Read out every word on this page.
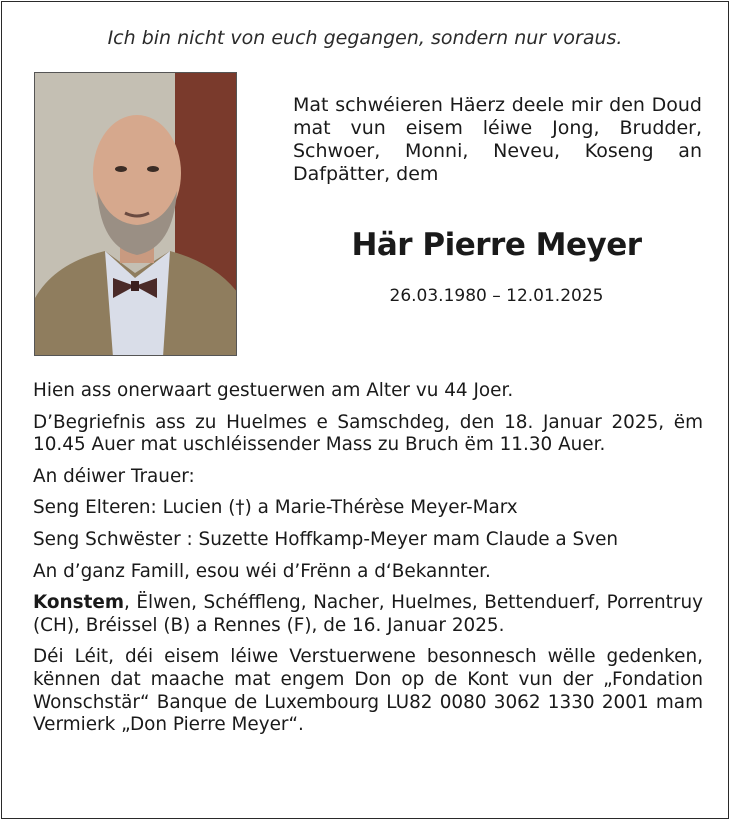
Ich bin nicht von euch gegangen, sondern nur voraus.
Mat schwéieren Häerz deele mir den Doud mat vun eisem léiwe Jong, Brudder, Schwoer, Monni, Neveu, Koseng an Dafpätter, dem
Här Pierre Meyer
26.03.1980 – 12.01.2025

Hien ass onerwaart gestuerwen am Alter vu 44 Joer.

D’Begriefnis ass zu Huelmes e Samschdeg, den 18. Januar 2025, ëm 10.45 Auer mat uschléissender Mass zu Bruch ëm 11.30 Auer.

An déiwer Trauer:

Seng Elteren: Lucien (†) a Marie-Thérèse Meyer-Marx

Seng Schwëster : Suzette Hoffkamp-Meyer mam Claude a Sven

An d’ganz Famill, esou wéi d’Frënn a d‘Bekannter.

Konstem, Ëlwen, Schéffleng, Nacher, Huelmes, Bettenduerf, Porrentruy (CH), Bréissel (B) a Rennes (F), de 16. Januar 2025.

Déi Léit, déi eisem léiwe Verstuerwene besonnesch wëlle gedenken, kënnen dat maache mat engem Don op de Kont vun der „Fondation Wonschstär“ Banque de Luxembourg LU82 0080 3062 1330 2001 mam Vermierk „Don Pierre Meyer“.
